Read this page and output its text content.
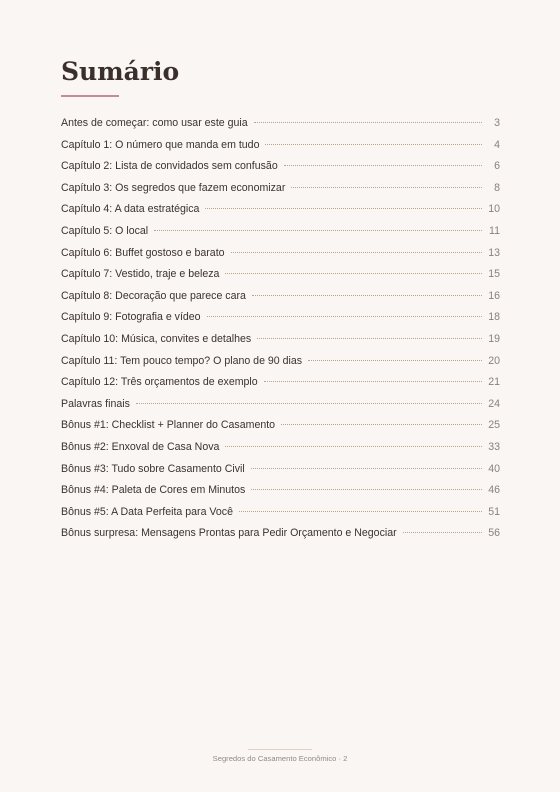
Sumário
Antes de começar: como usar este guia	3
Capítulo 1: O número que manda em tudo	4
Capítulo 2: Lista de convidados sem confusão	6
Capítulo 3: Os segredos que fazem economizar	8
Capítulo 4: A data estratégica	10
Capítulo 5: O local	11
Capítulo 6: Buffet gostoso e barato	13
Capítulo 7: Vestido, traje e beleza	15
Capítulo 8: Decoração que parece cara	16
Capítulo 9: Fotografia e vídeo	18
Capítulo 10: Música, convites e detalhes	19
Capítulo 11: Tem pouco tempo? O plano de 90 dias	20
Capítulo 12: Três orçamentos de exemplo	21
Palavras finais	24
Bônus #1: Checklist + Planner do Casamento	25
Bônus #2: Enxoval de Casa Nova	33
Bônus #3: Tudo sobre Casamento Civil	40
Bônus #4: Paleta de Cores em Minutos	46
Bônus #5: A Data Perfeita para Você	51
Bônus surpresa: Mensagens Prontas para Pedir Orçamento e Negociar	56
Segredos do Casamento Econômico · 2
